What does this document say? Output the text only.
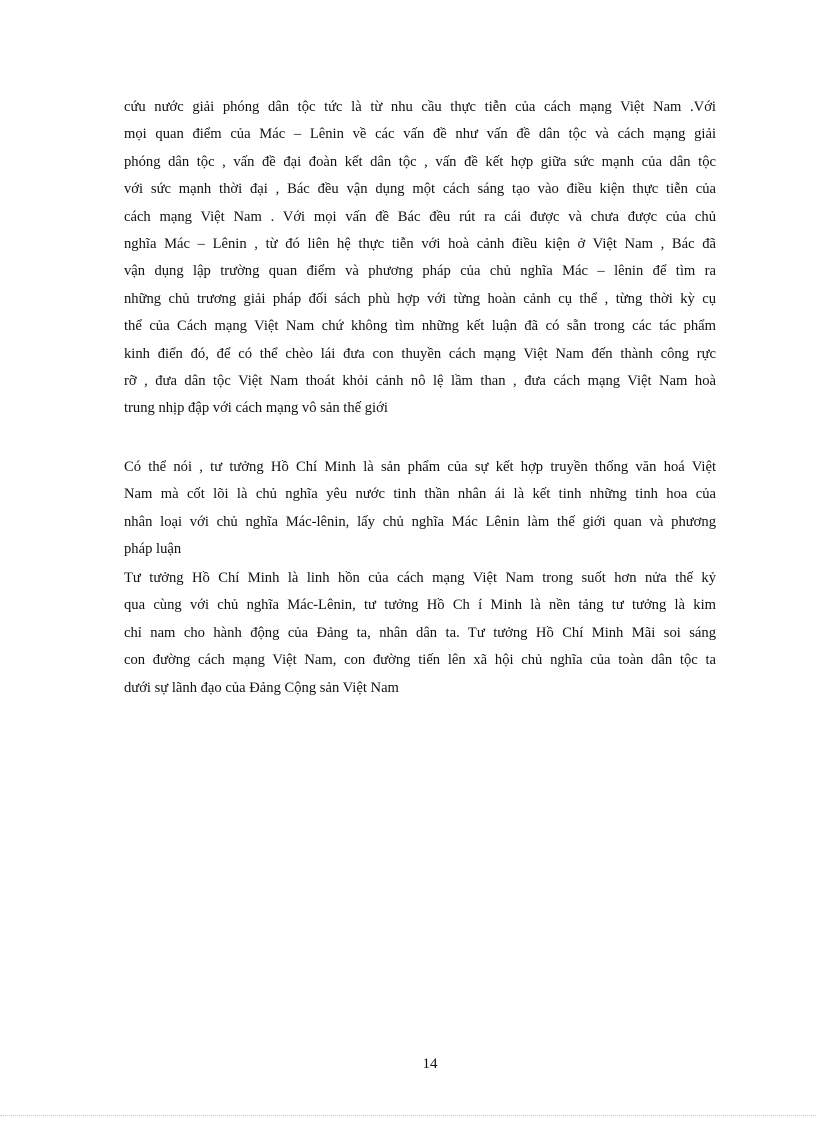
cứu nước giải phóng dân tộc tức là từ nhu cầu thực tiễn của cách mạng Việt Nam .Với
mọi quan điểm của Mác – Lênin về các vấn đề như vấn đề dân tộc và cách mạng giải
phóng dân tộc , vấn đề đại đoàn kết dân tộc , vấn đề kết hợp giữa sức mạnh của dân tộc
với sức mạnh thời đại , Bác đều vận dụng một cách sáng tạo vào điều kiện thực tiễn của
cách mạng Việt Nam . Với mọi vấn đề Bác đều rút ra cái được và chưa được của chủ
nghĩa Mác – Lênin , từ đó liên hệ thực tiễn với hoà cảnh điều kiện ở Việt Nam , Bác đã
vận dụng lập trường quan điểm và phương pháp của chủ nghĩa Mác – lênin để tìm ra
những chủ trương giải pháp đối sách phù hợp với từng hoàn cảnh cụ thể , từng thời kỳ cụ
thể của Cách mạng Việt Nam chứ không tìm những kết luận đã có sẵn trong các tác phẩm
kinh điển đó, để có thể chèo lái đưa con thuyền cách mạng Việt Nam đến thành công rực
rỡ , đưa dân tộc Việt Nam thoát khỏi cảnh nô lệ lầm than , đưa cách mạng Việt Nam hoà
trung nhịp đập với cách mạng vô sản thế giới

Có thể nói , tư tưởng Hồ Chí Minh là sản phẩm của sự kết hợp truyền thống văn hoá Việt
Nam mà cốt lõi là chủ nghĩa yêu nước tinh thần nhân ái là kết tinh những tinh hoa của
nhân loại với chủ nghĩa Mác-lênin, lấy chủ nghĩa Mác Lênin làm thế giới quan và phương
pháp luận

Tư tưởng Hồ Chí Minh là linh hồn của cách mạng Việt Nam trong suốt hơn nửa thế kỷ
qua cùng với chủ nghĩa Mác-Lênin, tư tưởng Hồ Ch í Minh là nền tảng tư tưởng là kim
chỉ nam cho hành động của Đảng ta, nhân dân ta. Tư tưởng Hồ Chí Minh Mãi soi sáng
con đường cách mạng Việt Nam, con đường tiến lên xã hội chủ nghĩa của toàn dân tộc ta
dưới sự lãnh đạo của Đảng Cộng sản Việt Nam

14
